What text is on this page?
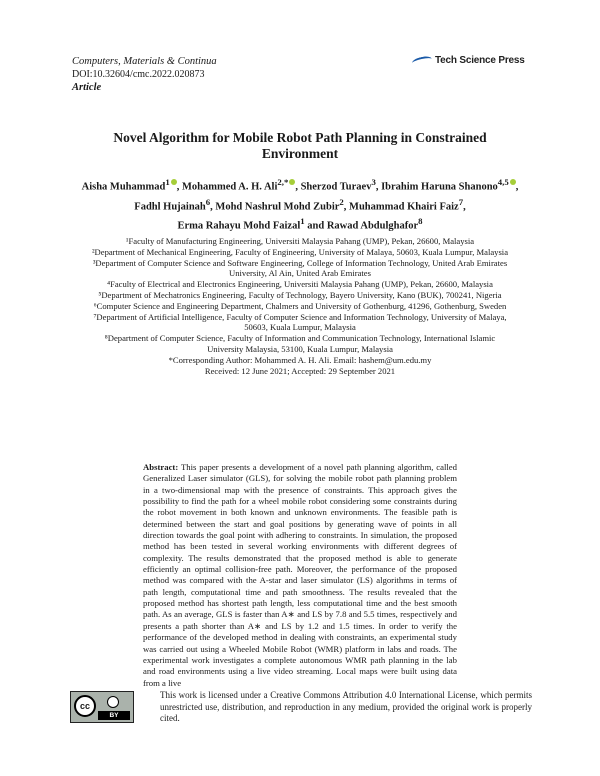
Computers, Materials & Continua
DOI:10.32604/cmc.2022.020873
Article
Tech Science Press
Novel Algorithm for Mobile Robot Path Planning in Constrained
Environment
Aisha Muhammad$^1$ , Mohammed A. H. Ali$^{2,*}$ , Sherzod Turaev$^3$, Ibrahim Haruna Shanono$^{4,5}$ ,
Fadhl Hujainah$^6$, Mohd Nashrul Mohd Zubir$^2$, Muhammad Khairi Faiz$^7$,
Erma Rahayu Mohd Faizal$^1$ and Rawad Abdulghafor$^8$
¹Faculty of Manufacturing Engineering, Universiti Malaysia Pahang (UMP), Pekan, 26600, Malaysia
²Department of Mechanical Engineering, Faculty of Engineering, University of Malaya, 50603, Kuala Lumpur, Malaysia
³Department of Computer Science and Software Engineering, College of Information Technology, United Arab Emirates
University, Al Ain, United Arab Emirates
⁴Faculty of Electrical and Electronics Engineering, Universiti Malaysia Pahang (UMP), Pekan, 26600, Malaysia
⁵Department of Mechatronics Engineering, Faculty of Technology, Bayero University, Kano (BUK), 700241, Nigeria
⁶Computer Science and Engineering Department, Chalmers and University of Gothenburg, 41296, Gothenburg, Sweden
⁷Department of Artificial Intelligence, Faculty of Computer Science and Information Technology, University of Malaya,
50603, Kuala Lumpur, Malaysia
⁸Department of Computer Science, Faculty of Information and Communication Technology, International Islamic
University Malaysia, 53100, Kuala Lumpur, Malaysia
*Corresponding Author: Mohammed A. H. Ali. Email: hashem@um.edu.my
Received: 12 June 2021; Accepted: 29 September 2021
Abstract: This paper presents a development of a novel path planning algorithm, called Generalized Laser simulator (GLS), for solving the mobile robot path planning problem in a two-dimensional map with the presence of constraints. This approach gives the possibility to find the path for a wheel mobile robot considering some constraints during the robot movement in both known and unknown environments. The feasible path is determined between the start and goal positions by generating wave of points in all direction towards the goal point with adhering to constraints. In simulation, the proposed method has been tested in several working environments with different degrees of complexity. The results demonstrated that the proposed method is able to generate efficiently an optimal collision-free path. Moreover, the performance of the proposed method was compared with the A-star and laser simulator (LS) algorithms in terms of path length, computational time and path smoothness. The results revealed that the proposed method has shortest path length, less computational time and the best smooth path. As an average, GLS is faster than A∗ and LS by 7.8 and 5.5 times, respectively and presents a path shorter than A∗ and LS by 1.2 and 1.5 times. In order to verify the performance of the developed method in dealing with constraints, an experimental study was carried out using a Wheeled Mobile Robot (WMR) platform in labs and roads. The experimental work investigates a complete autonomous WMR path planning in the lab and road environments using a live video streaming. Local maps were built using data from a live
cc
BY
This work is licensed under a Creative Commons Attribution 4.0 International License, which permits unrestricted use, distribution, and reproduction in any medium, provided the original work is properly cited.
